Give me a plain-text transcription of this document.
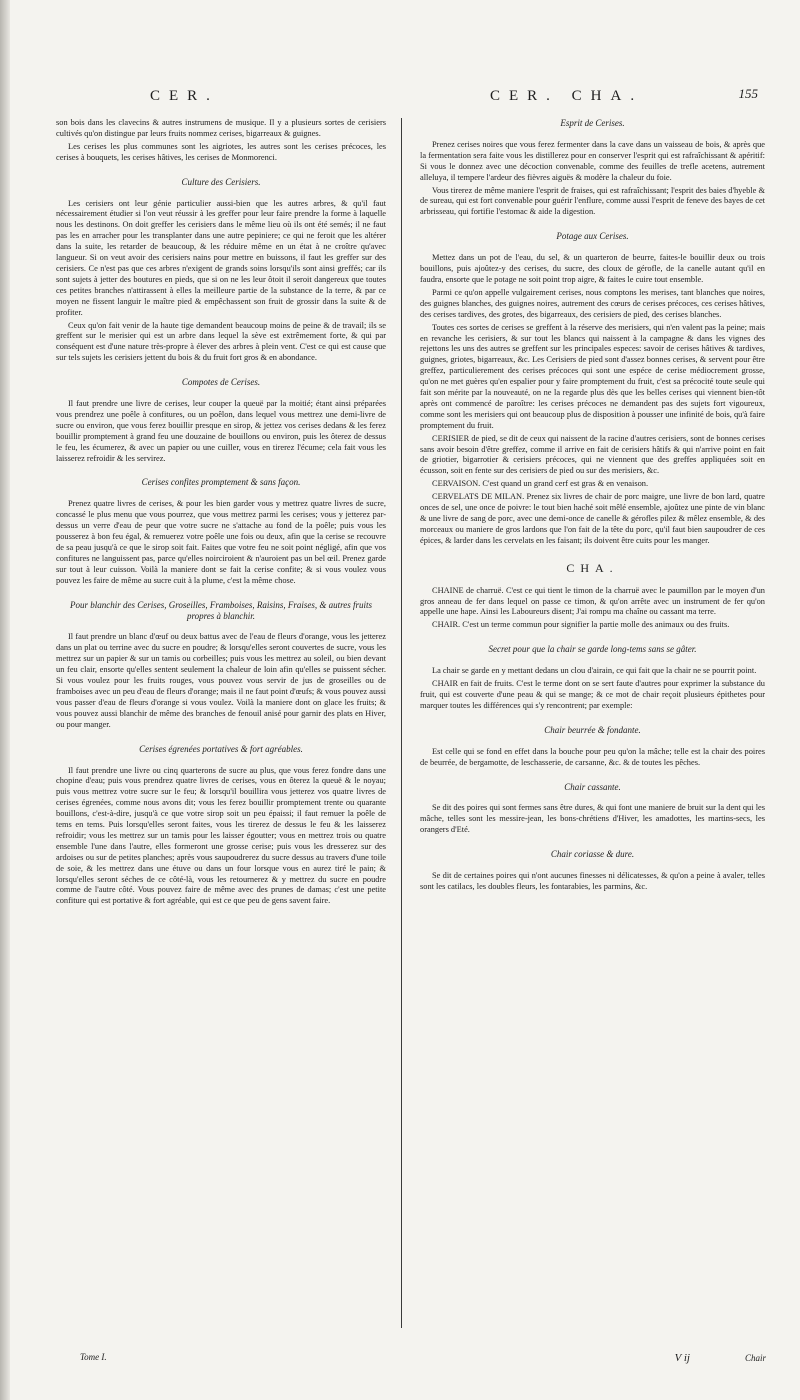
CER.	CER. CHA.	155

son bois dans les clavecins & autres instrumens de musique. Il y a plusieurs sortes de cerisiers cultivés qu'on distingue par leurs fruits nommez cerises, bigarreaux & guignes.

Les cerises les plus communes sont les aigriotes, les autres sont les cerises précoces, les cerises à bouquets, les cerises hâtives, les cerises de Monmorenci.

Culture des Cerisiers.

Les cerisiers ont leur génie particulier aussi-bien que les autres arbres, & qu'il faut nécessairement étudier si l'on veut réussir à les greffer pour leur faire prendre la forme à laquelle nous les destinons. On doit greffer les cerisiers dans le même lieu où ils ont été semés; il ne faut pas les en arracher pour les transplanter dans une autre pepiniere; ce qui ne feroit que les altérer dans la suite, les retarder de beaucoup, & les réduire même en un état à ne croître qu'avec langueur. Si on veut avoir des cerisiers nains pour mettre en buissons, il faut les greffer sur des cerisiers. Ce n'est pas que ces arbres n'exigent de grands soins lorsqu'ils sont ainsi greffés; car ils sont sujets à jetter des boutures en pieds, que si on ne les leur ôtoit il seroit dangereux que toutes ces petites branches n'attirassent à elles la meilleure partie de la substance de la terre, & par ce moyen ne fissent languir le maître pied & empêchassent son fruit de grossir dans la suite & de profiter.

Ceux qu'on fait venir de la haute tige demandent beaucoup moins de peine & de travail; ils se greffent sur le merisier qui est un arbre dans lequel la sève est extrêmement forte, & qui par conséquent est d'une nature très-propre à élever des arbres à plein vent. C'est ce qui est cause que sur tels sujets les cerisiers jettent du bois & du fruit fort gros & en abondance.

Compotes de Cerises.

Il faut prendre une livre de cerises, leur couper la queuë par la moitié; étant ainsi préparées vous prendrez une poêle à confitures, ou un poêlon, dans lequel vous mettrez une demi-livre de sucre ou environ, que vous ferez bouillir presque en sirop, & jettez vos cerises dedans & les ferez bouillir promptement à grand feu une douzaine de bouillons ou environ, puis les ôterez de dessus le feu, les écumerez, & avec un papier ou une cuiller, vous en tirerez l'écume; cela fait vous les laisserez refroidir & les servirez.

Cerises confites promptement & sans façon.

Prenez quatre livres de cerises, & pour les bien garder vous y mettrez quatre livres de sucre, concassé le plus menu que vous pourrez, que vous mettrez parmi les cerises; vous y jetterez par-dessus un verre d'eau de peur que votre sucre ne s'attache au fond de la poêle; puis vous les pousserez à bon feu égal, & remuerez votre poêle une fois ou deux, afin que la cerise se recouvre de sa peau jusqu'à ce que le sirop soit fait. Faites que votre feu ne soit point négligé, afin que vos confitures ne languissent pas, parce qu'elles noirciroient & n'auroient pas un bel œil. Prenez garde sur tout à leur cuisson. Voilà la maniere dont se fait la cerise confite; & si vous voulez vous pouvez les faire de même au sucre cuit à la plume, c'est la même chose.

Pour blanchir des Cerises, Groseilles, Framboises, Raisins, Fraises, & autres fruits propres à blanchir.

Il faut prendre un blanc d'œuf ou deux battus avec de l'eau de fleurs d'orange, vous les jetterez dans un plat ou terrine avec du sucre en poudre; & lorsqu'elles seront couvertes de sucre, vous les mettrez sur un papier & sur un tamis ou corbeilles; puis vous les mettrez au soleil, ou bien devant un feu clair, ensorte qu'elles sentent seulement la chaleur de loin afin qu'elles se puissent sécher. Si vous voulez pour les fruits rouges, vous pouvez vous servir de jus de groseilles ou de framboises avec un peu d'eau de fleurs d'orange; mais il ne faut point d'œufs; & vous pouvez aussi vous passer d'eau de fleurs d'orange si vous voulez. Voilà la maniere dont on glace les fruits; & vous pouvez aussi blanchir de même des branches de fenouil anisé pour garnir des plats en Hiver, ou pour manger.

Cerises égrenées portatives & fort agréables.

Il faut prendre une livre ou cinq quarterons de sucre au plus, que vous ferez fondre dans une chopine d'eau; puis vous prendrez quatre livres de cerises, vous en ôterez la queuë & le noyau; puis vous mettrez votre sucre sur le feu; & lorsqu'il bouillira vous jetterez vos quatre livres de cerises égrenées, comme nous avons dit; vous les ferez bouillir promptement trente ou quarante bouillons, c'est-à-dire, jusqu'à ce que votre sirop soit un peu épaissi; il faut remuer la poêle de tems en tems. Puis lorsqu'elles seront faites, vous les tirerez de dessus le feu & les laisserez refroidir; vous les mettrez sur un tamis pour les laisser égoutter; vous en mettrez trois ou quatre ensemble l'une dans l'autre, elles formeront une grosse cerise; puis vous les dresserez sur des ardoises ou sur de petites planches; après vous saupoudrerez du sucre dessus au travers d'une toile de soie, & les mettrez dans une étuve ou dans un four lorsque vous en aurez tiré le pain; & lorsqu'elles seront séches de ce côté-là, vous les retournerez & y mettrez du sucre en poudre comme de l'autre côté. Vous pouvez faire de même avec des prunes de damas; c'est une petite confiture qui est portative & fort agréable, qui est ce que peu de gens savent faire.

Esprit de Cerises.

Prenez cerises noires que vous ferez fermenter dans la cave dans un vaisseau de bois, & après que la fermentation sera faite vous les distillerez pour en conserver l'esprit qui est rafraîchissant & apéritif: Si vous le donnez avec une décoction convenable, comme des feuilles de trefle acetens, autrement alleluya, il tempere l'ardeur des fièvres aiguës & modère la chaleur du foie.

Vous tirerez de même maniere l'esprit de fraises, qui est rafraîchissant; l'esprit des baies d'hyeble & de sureau, qui est fort convenable pour guérir l'enflure, comme aussi l'esprit de feneve des bayes de cet arbrisseau, qui fortifie l'estomac & aide la digestion.

Potage aux Cerises.

Mettez dans un pot de l'eau, du sel, & un quarteron de beurre, faites-le bouillir deux ou trois bouillons, puis ajoûtez-y des cerises, du sucre, des cloux de gérofle, de la canelle autant qu'il en faudra, ensorte que le potage ne soit point trop aigre, & faites le cuire tout ensemble.

Parmi ce qu'on appelle vulgairement cerises, nous comptons les merises, tant blanches que noires, des guignes blanches, des guignes noires, autrement des cœurs de cerises précoces, ces cerises hâtives, des cerises tardives, des grotes, des bigarreaux, des cerisiers de pied, des cerises blanches.

Toutes ces sortes de cerises se greffent à la réserve des merisiers, qui n'en valent pas la peine; mais en revanche les cerisiers, & sur tout les blancs qui naissent à la campagne & dans les vignes des rejettons les uns des autres se greffent sur les principales especes: savoir de cerises hâtives & tardives, guignes, griotes, bigarreaux, &c. Les Cerisiers de pied sont d'assez bonnes cerises, & servent pour être greffez, particulierement des cerises précoces qui sont une espéce de cerise médiocrement grosse, qu'on ne met guères qu'en espalier pour y faire promptement du fruit, c'est sa précocité toute seule qui fait son mérite par la nouveauté, on ne la regarde plus dès que les belles cerises qui viennent bien-tôt après ont commencé de paroître: les cerises précoces ne demandent pas des sujets fort vigoureux, comme sont les merisiers qui ont beaucoup plus de disposition à pousser une infinité de bois, qu'à faire promptement du fruit.

CERISIER de pied, se dit de ceux qui naissent de la racine d'autres cerisiers, sont de bonnes cerises sans avoir besoin d'être greffez, comme il arrive en fait de cerisiers hâtifs & qui n'arrive point en fait de griotier, bigarrotier & cerisiers précoces, qui ne viennent que des greffes appliquées soit en écusson, soit en fente sur des cerisiers de pied ou sur des merisiers, &c.

CERVAISON. C'est quand un grand cerf est gras & en venaison.

CERVELATS DE MILAN. Prenez six livres de chair de porc maigre, une livre de bon lard, quatre onces de sel, une once de poivre: le tout bien haché soit mêlé ensemble, ajoûtez une pinte de vin blanc & une livre de sang de porc, avec une demi-once de canelle & gérofles pilez & mêlez ensemble, & des morceaux ou maniere de gros lardons que l'on fait de la tête du porc, qu'il faut bien saupoudrer de ces épices, & larder dans les cervelats en les faisant; ils doivent être cuits pour les manger.

CHA.

CHAINE de charruë. C'est ce qui tient le timon de la charruë avec le paumillon par le moyen d'un gros anneau de fer dans lequel on passe ce timon, & qu'on arrête avec un instrument de fer qu'on appelle une hape. Ainsi les Laboureurs disent; J'ai rompu ma chaîne ou cassant ma terre.

CHAIR. C'est un terme commun pour signifier la partie molle des animaux ou des fruits.

Secret pour que la chair se garde long-tems sans se gâter.

La chair se garde en y mettant dedans un clou d'airain, ce qui fait que la chair ne se pourrit point.

CHAIR en fait de fruits. C'est le terme dont on se sert faute d'autres pour exprimer la substance du fruit, qui est couverte d'une peau & qui se mange; & ce mot de chair reçoit plusieurs épithetes pour marquer toutes les différences qui s'y rencontrent; par exemple:

Chair beurrée & fondante.

Est celle qui se fond en effet dans la bouche pour peu qu'on la mâche; telle est la chair des poires de beurrée, de bergamotte, de leschasserie, de carsanne, &c. & de toutes les pêches.

Chair cassante.

Se dit des poires qui sont fermes sans être dures, & qui font une maniere de bruit sur la dent qui les mâche, telles sont les messire-jean, les bons-chrétiens d'Hiver, les amadottes, les martins-secs, les orangers d'Eté.

Chair coriasse & dure.

Se dit de certaines poires qui n'ont aucunes finesses ni délicatesses, & qu'on a peine à avaler, telles sont les catilacs, les doubles fleurs, les fontarabies, les parmins, &c.

Tome I.	V ij	Chair
